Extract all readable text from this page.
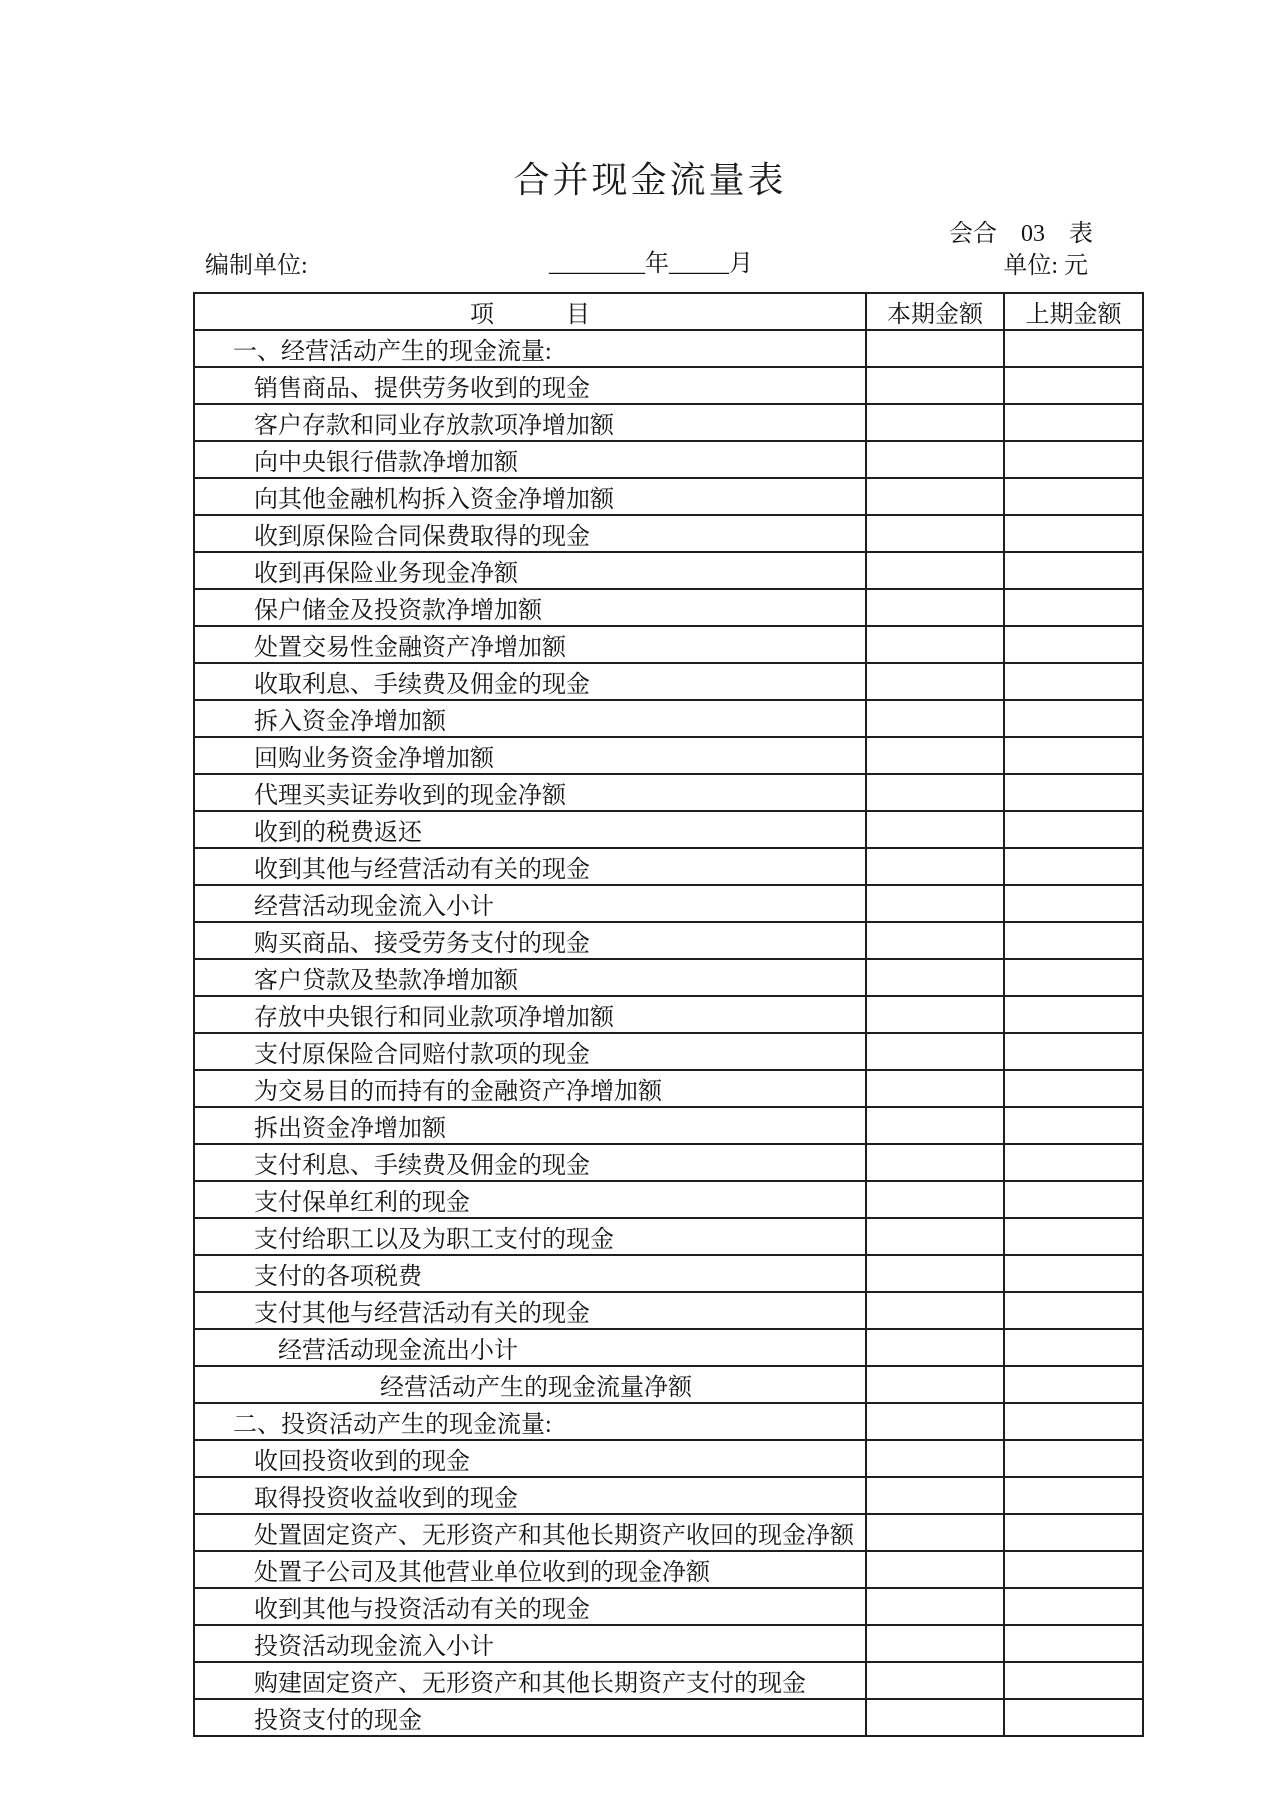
合并现金流量表
会合　03　表
编制单位:	________年_____月	单位: 元
项　　　目	本期金额	上期金额
一、经营活动产生的现金流量:		
销售商品、提供劳务收到的现金		
客户存款和同业存放款项净增加额		
向中央银行借款净增加额		
向其他金融机构拆入资金净增加额		
收到原保险合同保费取得的现金		
收到再保险业务现金净额		
保户储金及投资款净增加额		
处置交易性金融资产净增加额		
收取利息、手续费及佣金的现金		
拆入资金净增加额		
回购业务资金净增加额		
代理买卖证券收到的现金净额		
收到的税费返还		
收到其他与经营活动有关的现金		
经营活动现金流入小计		
购买商品、接受劳务支付的现金		
客户贷款及垫款净增加额		
存放中央银行和同业款项净增加额		
支付原保险合同赔付款项的现金		
为交易目的而持有的金融资产净增加额		
拆出资金净增加额		
支付利息、手续费及佣金的现金		
支付保单红利的现金		
支付给职工以及为职工支付的现金		
支付的各项税费		
支付其他与经营活动有关的现金		
经营活动现金流出小计		
经营活动产生的现金流量净额		
二、投资活动产生的现金流量:		
收回投资收到的现金		
取得投资收益收到的现金		
处置固定资产、无形资产和其他长期资产收回的现金净额		
处置子公司及其他营业单位收到的现金净额		
收到其他与投资活动有关的现金		
投资活动现金流入小计		
购建固定资产、无形资产和其他长期资产支付的现金		
投资支付的现金		
